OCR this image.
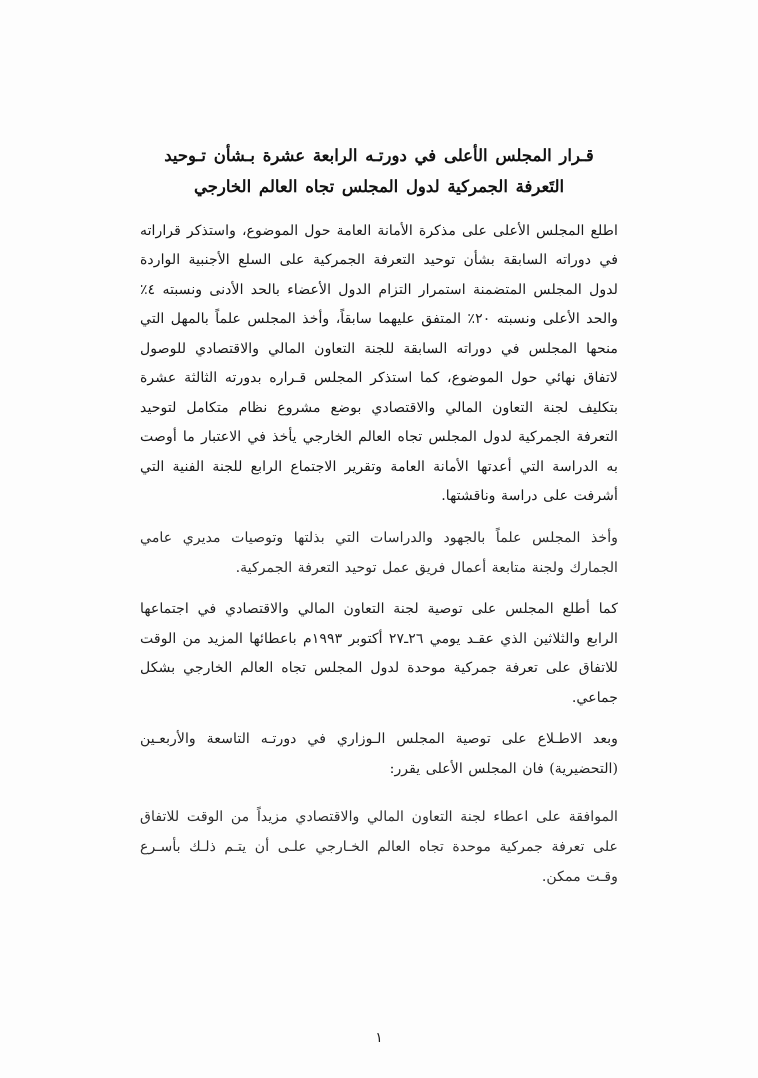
قـرار المجلس الأعلى في دورتـه الرابعة عشرة بـشأن تـوحيد التَعرفة الجمركية لدول المجلس تجاه العالم الخارجي

اطلع المجلس الأعلى على مذكرة الأمانة العامة حول الموضوع، واستذكر قراراته في دوراته السابقة بشأن توحيد التعرفة الجمركية على السلع الأجنبية الواردة لدول المجلس المتضمنة استمرار التزام الدول الأعضاء بالحد الأدنى ونسبته ٤٪ والحد الأعلى ونسبته ٢٠٪ المتفق عليهما سابقاً، وأخذ المجلس علماً بالمهل التي منحها المجلس في دوراته السابقة للجنة التعاون المالي والاقتصادي للوصول لاتفاق نهائي حول الموضوع، كما استذكر المجلس قـراره بدورته الثالثة عشرة بتكليف لجنة التعاون المالي والاقتصادي بوضع مشروع نظام متكامل لتوحيد التعرفة الجمركية لدول المجلس تجاه العالم الخارجي يأخذ في الاعتبار ما أوصت به الدراسة التي أعدتها الأمانة العامة وتقرير الاجتماع الرابع للجنة الفنية التي أشرفت على دراسة وناقشتها.

وأخذ المجلس علماً بالجهود والدراسات التي بذلتها وتوصيات مديري عامي الجمارك ولجنة متابعة أعمال فريق عمل توحيد التعرفة الجمركية.

كما أطلع المجلس على توصية لجنة التعاون المالي والاقتصادي في اجتماعها الرابع والثلاثين الذي عقـد يومي ٢٦ـ٢٧ أكتوبر ١٩٩٣م باعطائها المزيد من الوقت للاتفاق على تعرفة جمركية موحدة لدول المجلس تجاه العالم الخارجي بشكل جماعي.

وبعد الاطـلاع على توصية المجلس الـوزاري في دورتـه التاسعة والأربعـين (التحضيرية) فان المجلس الأعلى يقرر:

الموافقة على اعطاء لجنة التعاون المالي والاقتصادي مزيداً من الوقت للاتفاق على تعرفة جمركية موحدة تجاه العالم الخـارجي علـى أن يتـم ذلـك بأسـرع وقـت ممكن.

١
